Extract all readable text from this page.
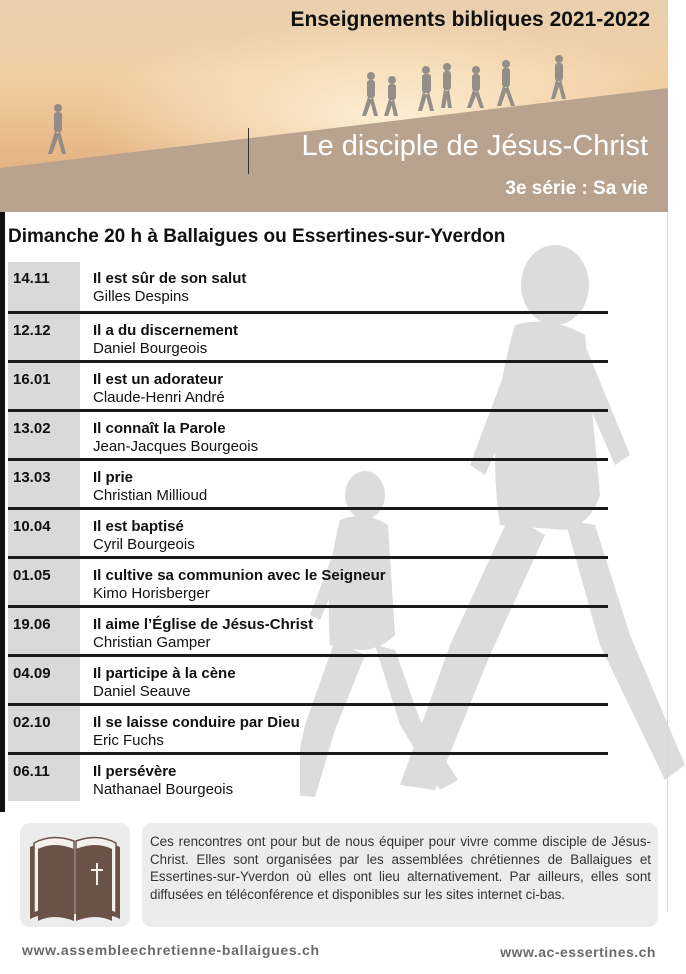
Enseignements bibliques 2021-2022
Le disciple de Jésus-Christ
3e série : Sa vie
Dimanche 20 h à Ballaigues ou Essertines-sur-Yverdon
14.11	Il est sûr de son salut
Gilles Despins
12.12	Il a du discernement
Daniel Bourgeois
16.01	Il est un adorateur
Claude-Henri André
13.02	Il connaît la Parole
Jean-Jacques Bourgeois
13.03	Il prie
Christian Millioud
10.04	Il est baptisé
Cyril Bourgeois
01.05	Il cultive sa communion avec le Seigneur
Kimo Horisberger
19.06	Il aime l’Église de Jésus-Christ
Christian Gamper
04.09	Il participe à la cène
Daniel Seauve
02.10	Il se laisse conduire par Dieu
Eric Fuchs
06.11	Il persévère
Nathanael Bourgeois
Ces rencontres ont pour but de nous équiper pour vivre comme disciple de Jésus-Christ. Elles sont organisées par les assemblées chrétiennes de Ballaigues et Essertines-sur-Yverdon où elles ont lieu alternativement. Par ailleurs, elles sont diffusées en téléconférence et disponibles sur les sites internet ci-bas.
www.assembleechretienne-ballaigues.ch	www.ac-essertines.ch
